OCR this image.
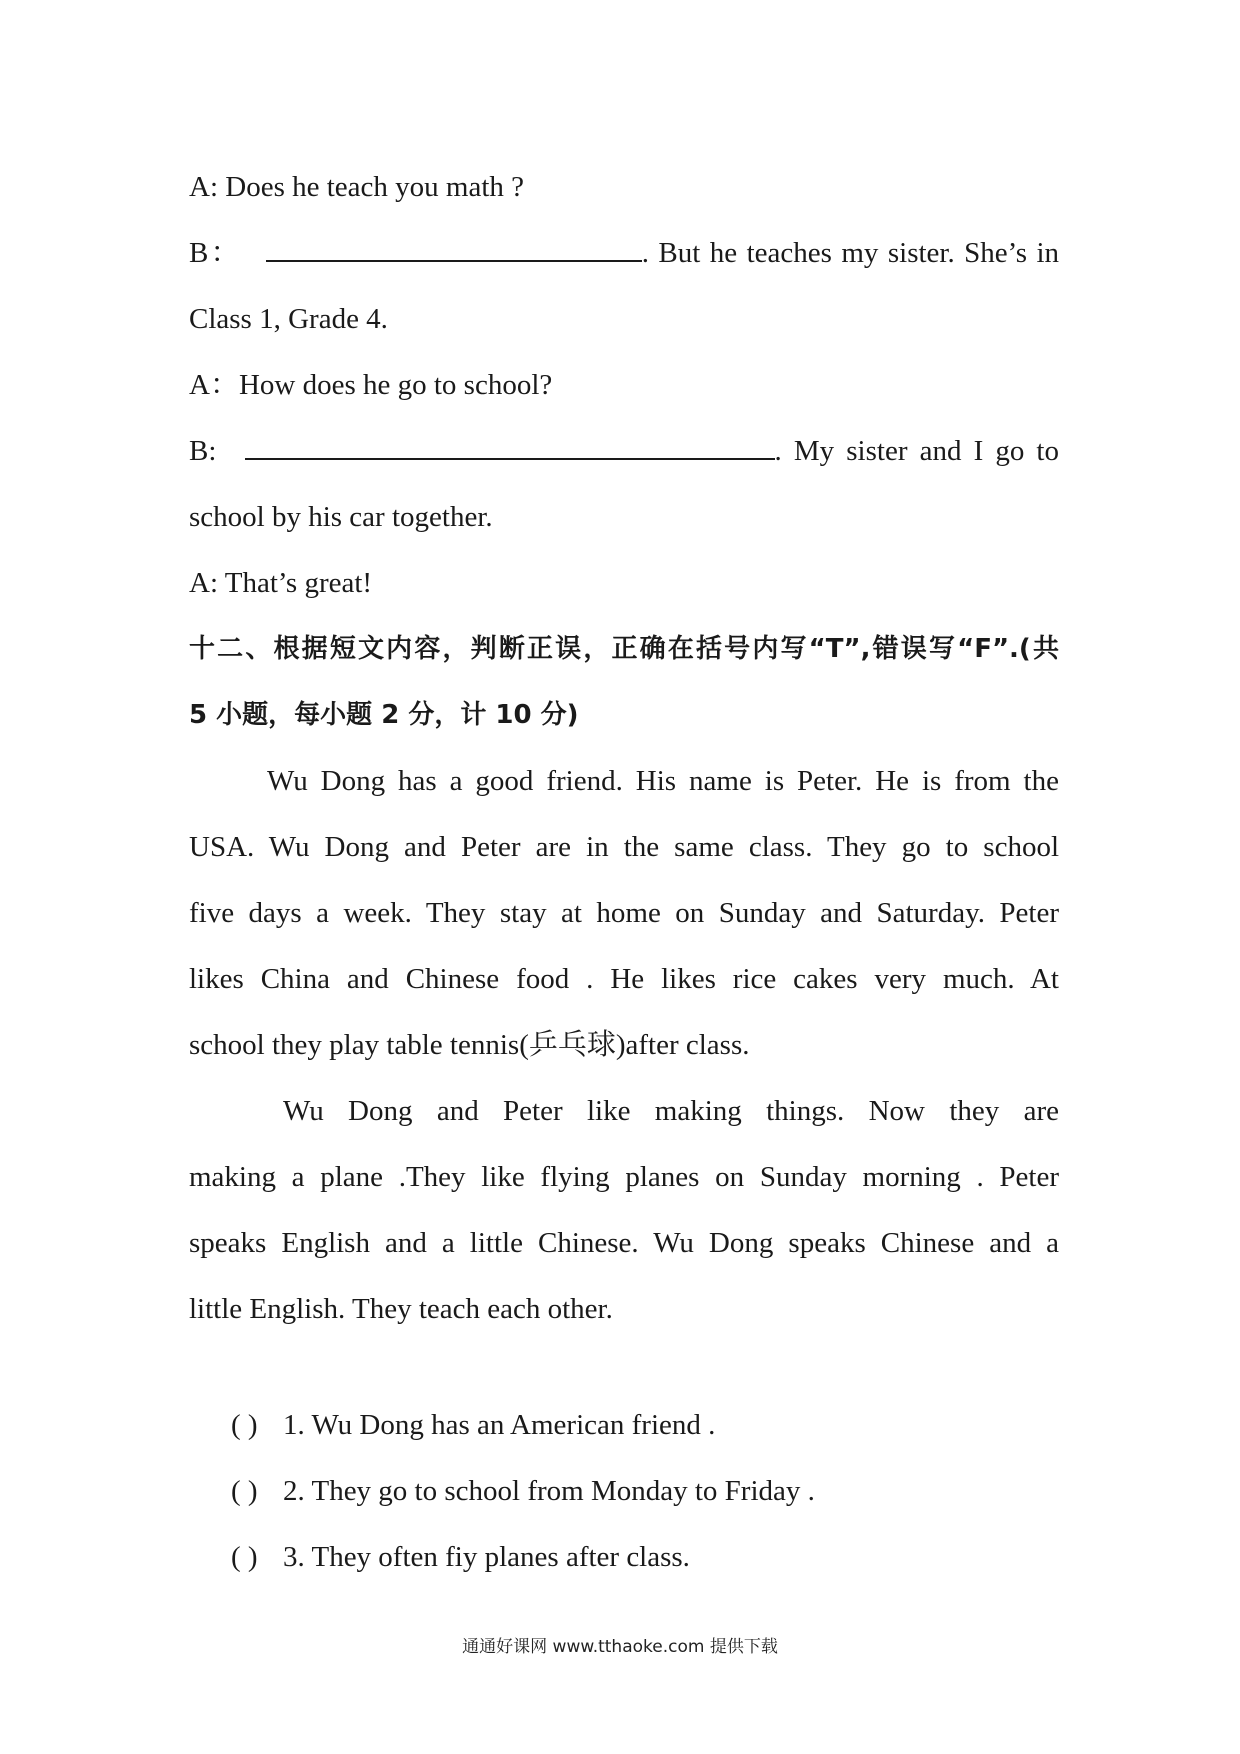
A: Does he teach you math ?
B：	. But he teaches my sister. She’s in
Class 1, Grade 4.
A：How does he go to school?
B:	. My sister and I go to
school by his car together.
A: That’s great!
十二、根据短文内容，判断正误，正确在括号内写“T”,错误写“F”.(共
5 小题，每小题 2 分，计 10 分)
Wu Dong has a good friend. His name is Peter. He is from the
USA. Wu Dong and Peter are in the same class. They go to school
five days a week. They stay at home on Sunday and Saturday. Peter
likes China and Chinese food . He likes rice cakes very much. At
school they play table tennis(乒乓球)after class.
Wu Dong and Peter like making things. Now they are
making a plane .They like flying planes on Sunday morning . Peter
speaks English and a little Chinese. Wu Dong speaks Chinese and a
little English. They teach each other.
( ) 1. Wu Dong has an American friend .
( ) 2. They go to school from Monday to Friday .
( ) 3. They often fiy planes after class.
通通好课网 www.tthaoke.com 提供下载
